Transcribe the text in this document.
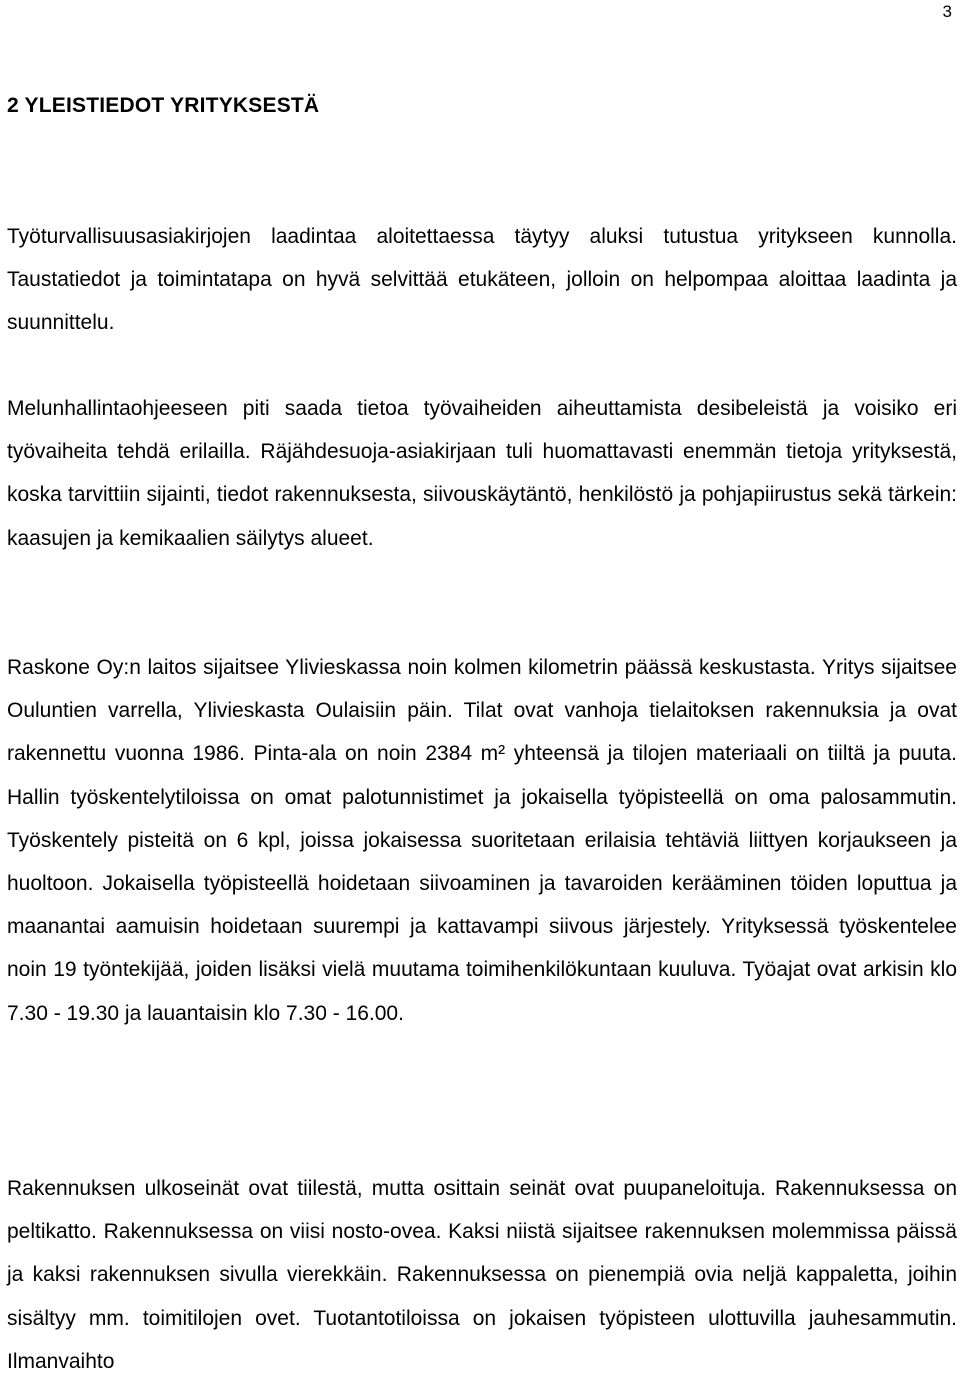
3
2 YLEISTIEDOT YRITYKSESTÄ

Työturvallisuusasiakirjojen laadintaa aloitettaessa täytyy aluksi tutustua yritykseen kunnolla. Taustatiedot ja toimintatapa on hyvä selvittää etukäteen, jolloin on helpompaa aloittaa laadinta ja suunnittelu.

Melunhallintaohjeeseen piti saada tietoa työvaiheiden aiheuttamista desibeleistä ja voisiko eri työvaiheita tehdä erilailla. Räjähdesuoja-asiakirjaan tuli huomattavasti enemmän tietoja yrityksestä, koska tarvittiin sijainti, tiedot rakennuksesta, siivouskäytäntö, henkilöstö ja pohjapiirustus sekä tärkein: kaasujen ja kemikaalien säilytys alueet.

Raskone Oy:n laitos sijaitsee Ylivieskassa noin kolmen kilometrin päässä keskustasta. Yritys sijaitsee Ouluntien varrella, Ylivieskasta Oulaisiin päin. Tilat ovat vanhoja tielaitoksen rakennuksia ja ovat rakennettu vuonna 1986. Pinta-ala on noin 2384 m² yhteensä ja tilojen materiaali on tiiltä ja puuta. Hallin työskentelytiloissa on omat palotunnistimet ja jokaisella työpisteellä on oma palosammutin. Työskentely pisteitä on 6 kpl, joissa jokaisessa suoritetaan erilaisia tehtäviä liittyen korjaukseen ja huoltoon. Jokaisella työpisteellä hoidetaan siivoaminen ja tavaroiden kerääminen töiden loputtua ja maanantai aamuisin hoidetaan suurempi ja kattavampi siivous järjestely. Yrityksessä työskentelee noin 19 työntekijää, joiden lisäksi vielä muutama toimihenkilökuntaan kuuluva. Työajat ovat arkisin klo 7.30 - 19.30 ja lauantaisin klo 7.30 - 16.00.

Rakennuksen ulkoseinät ovat tiilestä, mutta osittain seinät ovat puupaneloituja. Rakennuksessa on peltikatto. Rakennuksessa on viisi nosto-ovea. Kaksi niistä sijaitsee rakennuksen molemmissa päissä ja kaksi rakennuksen sivulla vierekkäin. Rakennuksessa on pienempiä ovia neljä kappaletta, joihin sisältyy mm. toimitilojen ovet. Tuotantotiloissa on jokaisen työpisteen ulottuvilla jauhesammutin. Ilmanvaihto
